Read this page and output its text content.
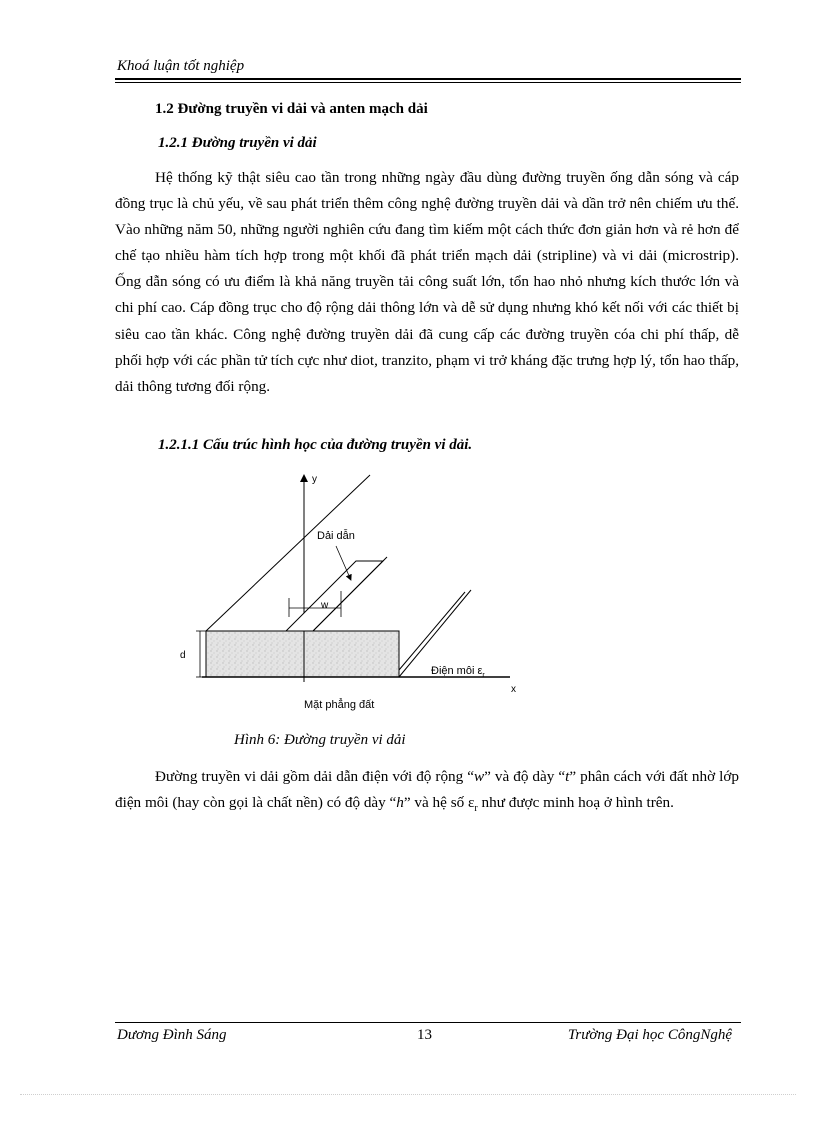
Khoá luận tốt nghiệp
1.2 Đường truyền vi dải và anten mạch dải
1.2.1 Đường truyền vi dải

Hệ thống kỹ thật siêu cao tần trong những ngày đầu dùng đường truyền ống dẫn sóng và cáp đồng trục là chủ yếu, về sau phát triển thêm công nghệ đường truyền dải và dần trở nên chiếm ưu thế. Vào những năm 50, những người nghiên cứu đang tìm kiếm một cách thức đơn giản hơn và rẻ hơn để chế tạo nhiều hàm tích hợp trong một khối đã phát triển mạch dải (stripline) và vi dải (microstrip). Ống dẫn sóng có ưu điểm là khả năng truyền tải công suất lớn, tổn hao nhỏ nhưng kích thước lớn và chi phí cao. Cáp đồng trục cho độ rộng dải thông lớn và dễ sử dụng nhưng khó kết nối với các thiết bị siêu cao tần khác. Công nghệ đường truyền dải đã cung cấp các đường truyền cóa chi phí thấp, dễ phối hợp với các phần tử tích cực như diot, tranzito, phạm vi trở kháng đặc trưng hợp lý, tổn hao thấp, dải thông tương đối rộng.

1.2.1.1 Cấu trúc hình học của đường truyền vi dải.
y
x
w
Dải dẫn
d
Điện môi $\varepsilon_r$
Mặt phẳng đất
Hình 6: Đường truyền vi dải

Đường truyền vi dải gồm dải dẫn điện với độ rộng “w” và độ dày “t” phân cách với đất nhờ lớp điện môi (hay còn gọi là chất nền) có độ dày “h” và hệ số $\varepsilon_r$ như được minh hoạ ở hình trên.

Dương Đình Sáng	13	Trường Đại học CôngNghệ
